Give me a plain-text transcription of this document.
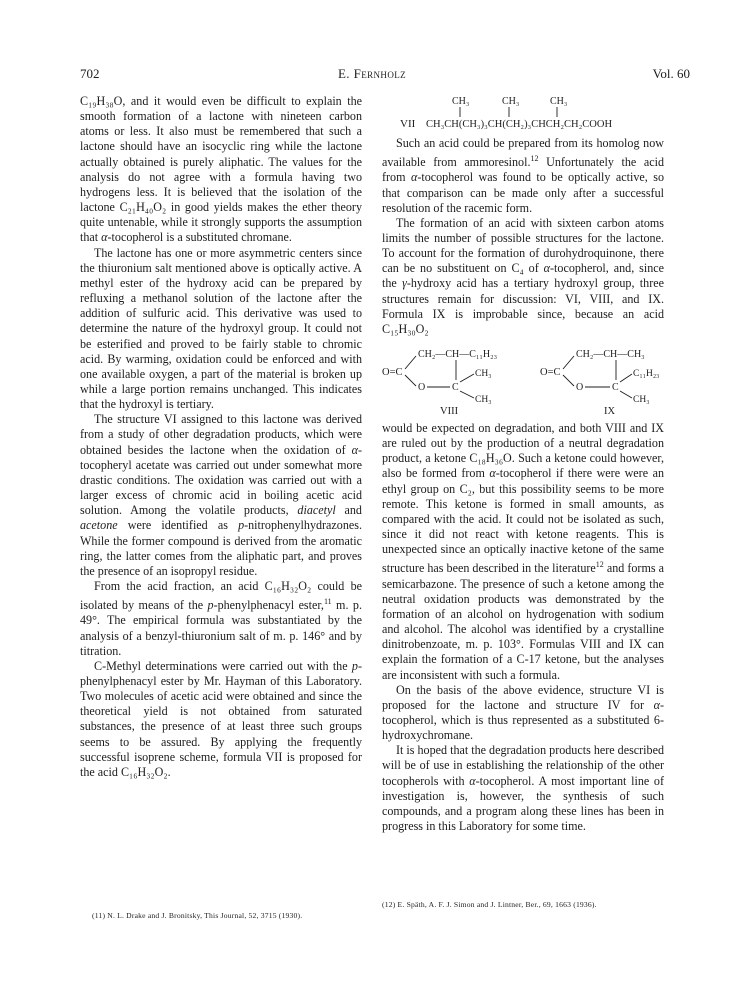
E. Fernholz
702	Vol. 60

C₁₉H₃₈O, and it would even be difficult to explain the smooth formation of a lactone with nineteen carbon atoms or less. It also must be remembered that such a lactone should have an isocyclic ring while the lactone actually obtained is purely aliphatic. The values for the analysis do not agree with a formula having two hydrogens less. It is believed that the isolation of the lactone C₂₁H₄₀O₂ in good yields makes the ether theory quite untenable, while it strongly supports the assumption that α-tocopherol is a substituted chromane.

The lactone has one or more asymmetric centers since the thiuronium salt mentioned above is optically active. A methyl ester of the hydroxy acid can be prepared by refluxing a methanol solution of the lactone after the addition of sulfuric acid. This derivative was used to determine the nature of the hydroxyl group. It could not be esterified and proved to be fairly stable to chromic acid. By warming, oxidation could be enforced and with one available oxygen, a part of the material is broken up while a large portion remains unchanged. This indicates that the hydroxyl is tertiary.

The structure VI assigned to this lactone was derived from a study of other degradation products, which were obtained besides the lactone when the oxidation of α-tocopheryl acetate was carried out under somewhat more drastic conditions. The oxidation was carried out with a larger excess of chromic acid in boiling acetic acid solution. Among the volatile products, diacetyl and acetone were identified as p-nitrophenylhydrazones. While the former compound is derived from the aromatic ring, the latter comes from the aliphatic part, and proves the presence of an isopropyl residue.

From the acid fraction, an acid C₁₆H₃₂O₂ could be isolated by means of the p-phenylphenacyl ester,$^{11}$ m. p. 49°. The empirical formula was substantiated by the analysis of a benzyl-thiuronium salt of m. p. 146° and by titration.

C-Methyl determinations were carried out with the p-phenylphenacyl ester by Mr. Hayman of this Laboratory. Two molecules of acetic acid were obtained and since the theoretical yield is not obtained from saturated substances, the presence of at least three such groups seems to be assured. By applying the frequently successful isoprene scheme, formula VII is proposed for the acid C₁₆H₃₂O₂.

(11) N. L. Drake and J. Bronitsky, This Journal, 52, 3715 (1930).
CH₃	CH₃	CH₃
VII CH₃CH(CH₃)₃CH(CH₂)₃CHCH₂CH₂COOH

Such an acid could be prepared from its homolog now available from ammoresinol.$^{12}$ Unfortunately the acid from α-tocopherol was found to be optically active, so that comparison can be made only after a successful resolution of the racemic form.

The formation of an acid with sixteen carbon atoms limits the number of possible structures for the lactone. To account for the formation of durohydroquinone, there can be no substituent on C₄ of α-tocopherol, and, since the γ-hydroxy acid has a tertiary hydroxyl group, three structures remain for discussion: VI, VIII, and IX. Formula IX is improbable since, because an acid C₁₅H₃₀O₂

O=C
CH₂—CH—C₁₁H₂₃
O	C
CH₃
CH₃
VIII
O=C
CH₂—CH—CH₃
O	C
C₁₁H₂₃
CH₃
IX

would be expected on degradation, and both VIII and IX are ruled out by the production of a neutral degradation product, a ketone C₁₈H₃₆O. Such a ketone could however, also be formed from α-tocopherol if there were were an ethyl group on C₂, but this possibility seems to be more remote. This ketone is formed in small amounts, as compared with the acid. It could not be isolated as such, since it did not react with ketone reagents. This is unexpected since an optically inactive ketone of the same structure has been described in the literature$^{12}$ and forms a semicarbazone. The presence of such a ketone among the neutral oxidation products was demonstrated by the formation of an alcohol on hydrogenation with sodium and alcohol. The alcohol was identified by a crystalline dinitrobenzoate, m. p. 103°. Formulas VIII and IX can explain the formation of a C-17 ketone, but the analyses are inconsistent with such a formula.

On the basis of the above evidence, structure VI is proposed for the lactone and structure IV for α-tocopherol, which is thus represented as a substituted 6-hydroxychromane.

It is hoped that the degradation products here described will be of use in establishing the relationship of the other tocopherols with α-tocopherol. A most important line of investigation is, however, the synthesis of such compounds, and a program along these lines has been in progress in this Laboratory for some time.

(12) E. Späth, A. F. J. Simon and J. Lintner, Ber., 69, 1663 (1936).
